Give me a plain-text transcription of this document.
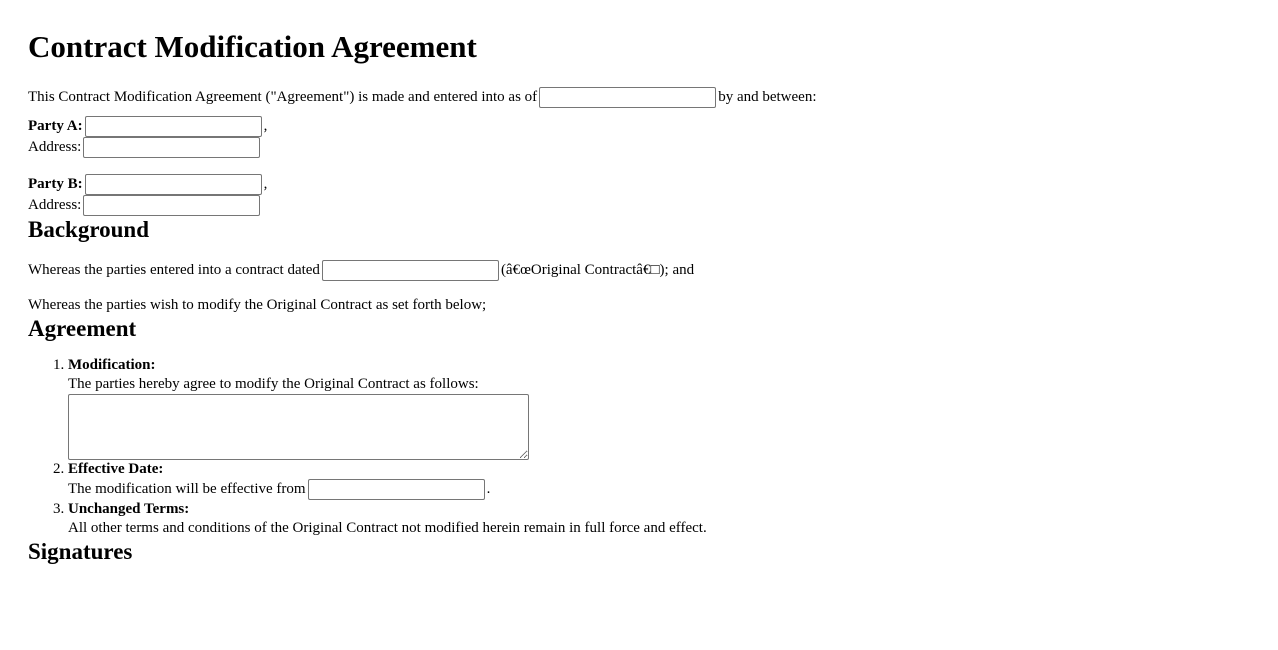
Contract Modification Agreement

This Contract Modification Agreement ("Agreement") is made and entered into as of	by and between:

Party A:	,
Address:
Party B:	,
Address:
Background

Whereas the parties entered into a contract dated	(â€œOriginal Contractâ€□); and

Whereas the parties wish to modify the Original Contract as set forth below;

Agreement
1. Modification:
The parties hereby agree to modify the Original Contract as follows:
2. Effective Date:
The modification will be effective from	.
3. Unchanged Terms:
All other terms and conditions of the Original Contract not modified herein remain in full force and effect.
Signatures
